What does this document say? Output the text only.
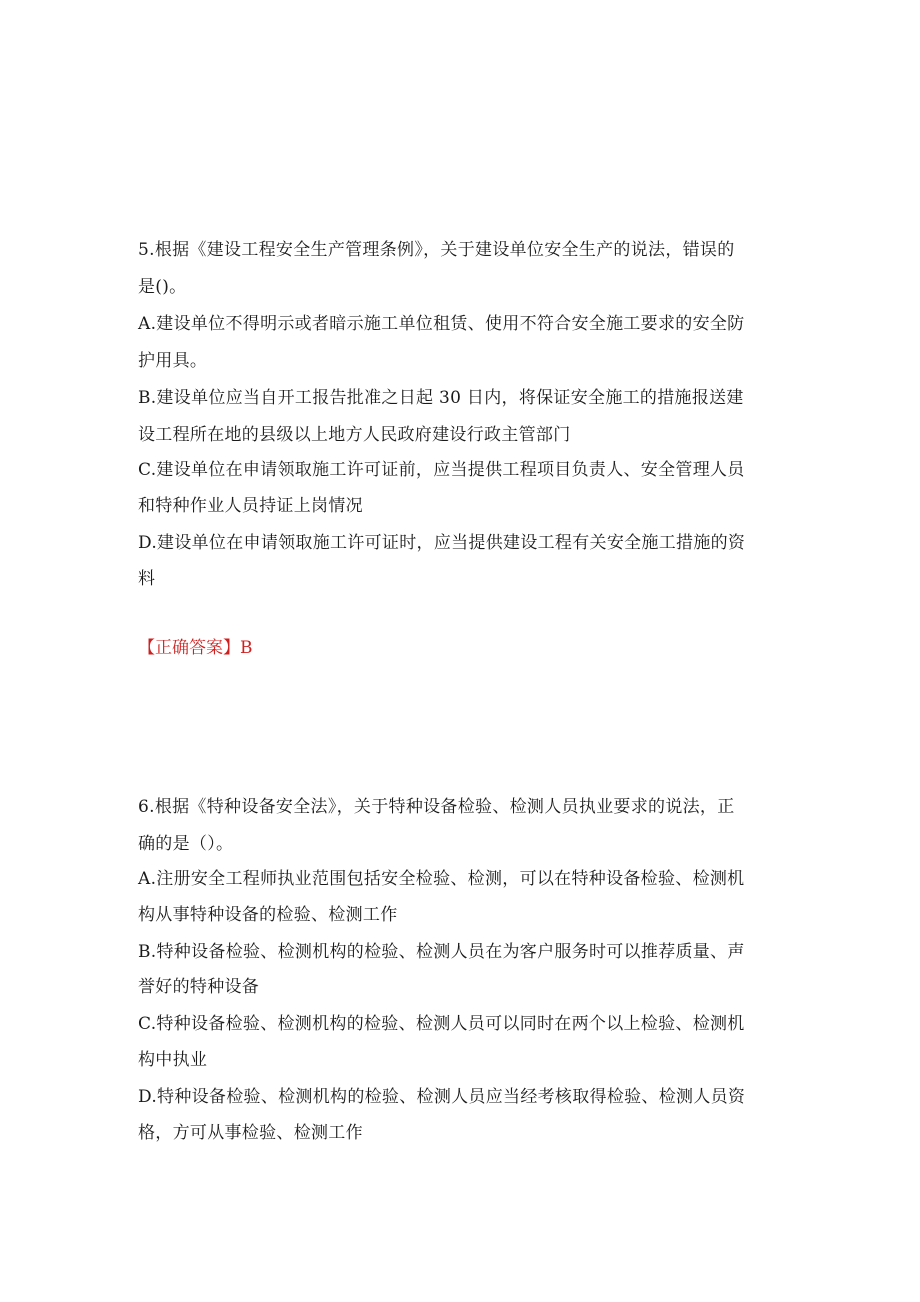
5.根据《建设工程安全生产管理条例》，关于建设单位安全生产的说法，错误的
是()。
A.建设单位不得明示或者暗示施工单位租赁、使用不符合安全施工要求的安全防
护用具。
B.建设单位应当自开工报告批准之日起 30 日内，将保证安全施工的措施报送建
设工程所在地的县级以上地方人民政府建设行政主管部门
C.建设单位在申请领取施工许可证前，应当提供工程项目负责人、安全管理人员
和特种作业人员持证上岗情况
D.建设单位在申请领取施工许可证时，应当提供建设工程有关安全施工措施的资
料
【正确答案】B
6.根据《特种设备安全法》，关于特种设备检验、检测人员执业要求的说法，正
确的是（）。
A.注册安全工程师执业范围包括安全检验、检测，可以在特种设备检验、检测机
构从事特种设备的检验、检测工作
B.特种设备检验、检测机构的检验、检测人员在为客户服务时可以推荐质量、声
誉好的特种设备
C.特种设备检验、检测机构的检验、检测人员可以同时在两个以上检验、检测机
构中执业
D.特种设备检验、检测机构的检验、检测人员应当经考核取得检验、检测人员资
格，方可从事检验、检测工作
